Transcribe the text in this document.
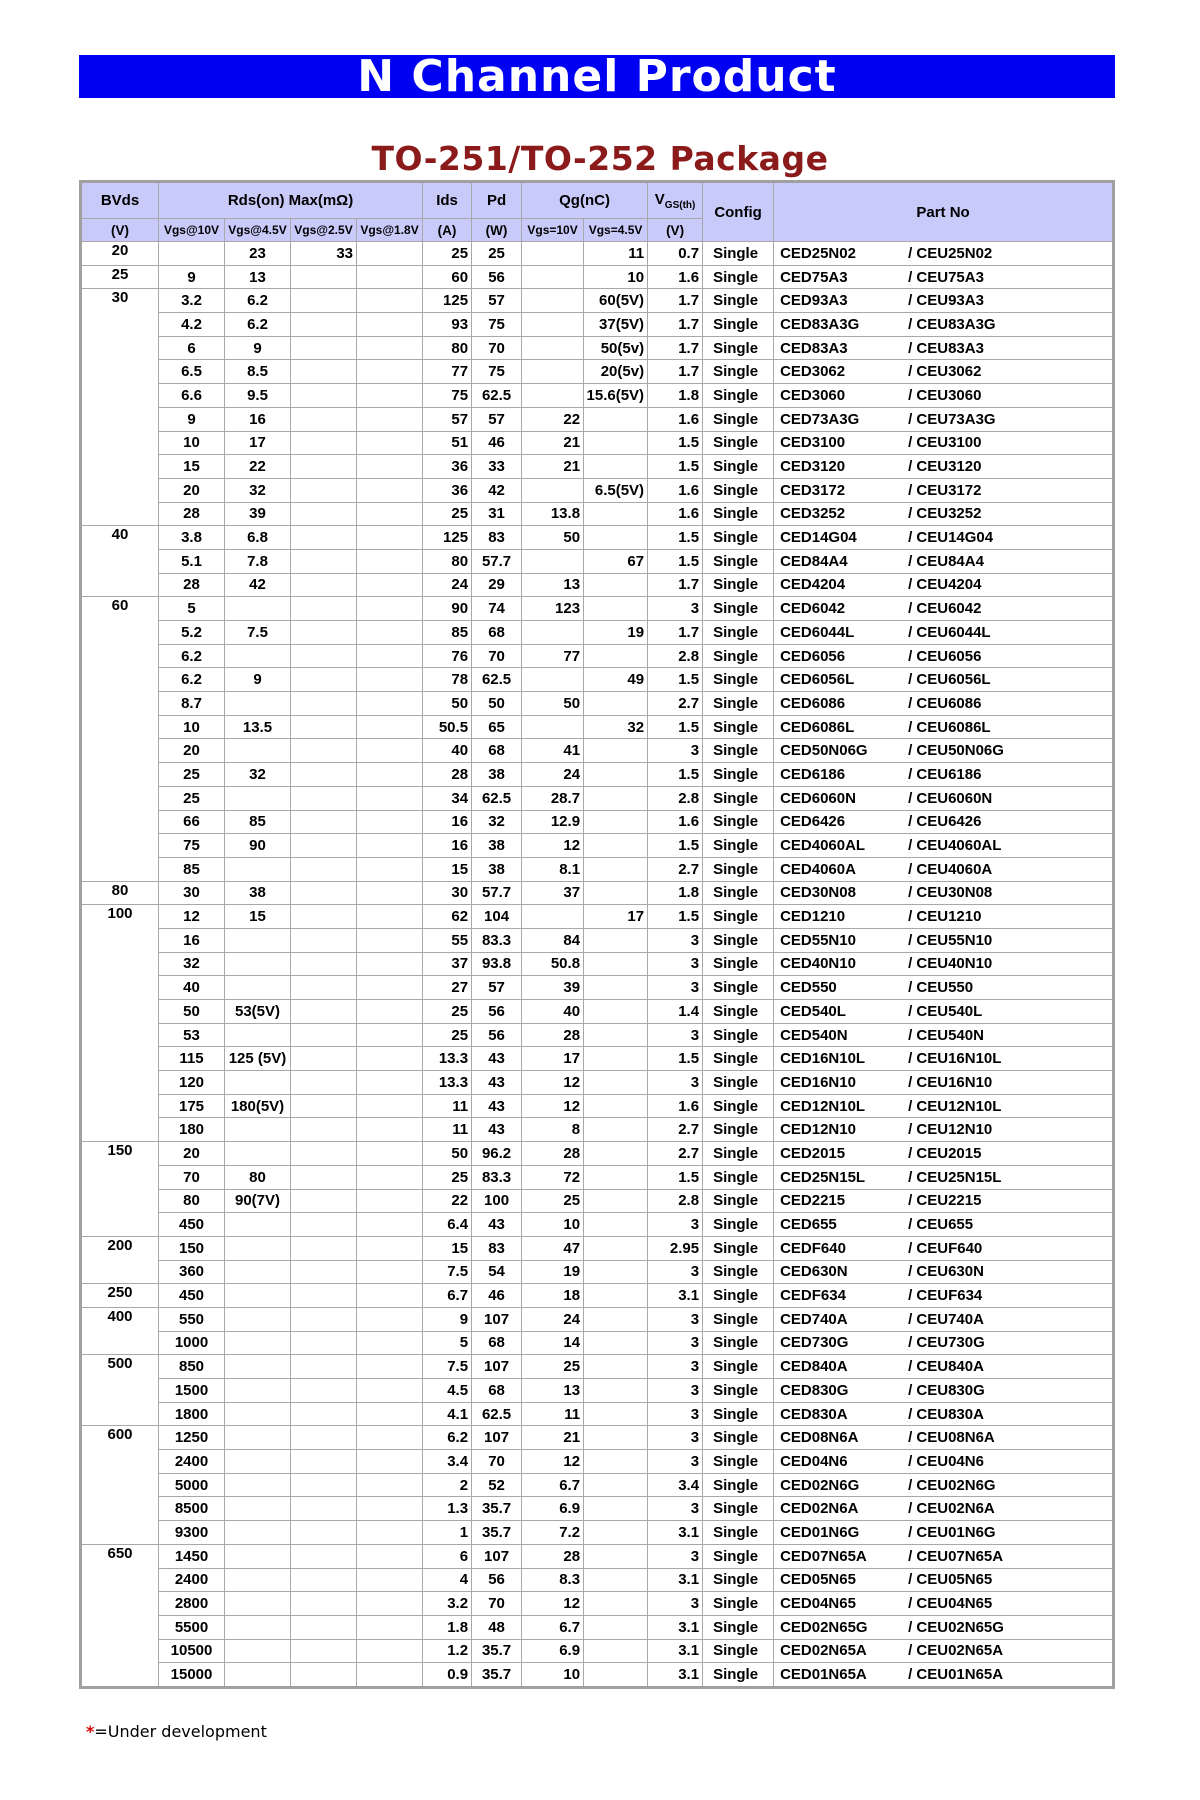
N Channel Product
TO-251/TO-252 Package
BVds	Rds(on) Max(mΩ)				Ids	Pd	Qg(nC)		$V_{GS(th)}$	Config	Part No
(V)	Vgs@10V	Vgs@4.5V	Vgs@2.5V	Vgs@1.8V	(A)	(W)	Vgs=10V	Vgs=4.5V	(V)		
20		23	33		25	25		11	0.7	Single	CED25N02 / CEU25N02
25	9	13			60	56		10	1.6	Single	CED75A3 / CEU75A3
30	3.2	6.2			125	57		60(5V)	1.7	Single	CED93A3 / CEU93A3
	4.2	6.2			93	75		37(5V)	1.7	Single	CED83A3G / CEU83A3G
	6	9			80	70		50(5v)	1.7	Single	CED83A3 / CEU83A3
	6.5	8.5			77	75		20(5v)	1.7	Single	CED3062 / CEU3062
	6.6	9.5			75	62.5		15.6(5V)	1.8	Single	CED3060 / CEU3060
	9	16			57	57	22		1.6	Single	CED73A3G / CEU73A3G
	10	17			51	46	21		1.5	Single	CED3100 / CEU3100
	15	22			36	33	21		1.5	Single	CED3120 / CEU3120
	20	32			36	42		6.5(5V)	1.6	Single	CED3172 / CEU3172
	28	39			25	31	13.8		1.6	Single	CED3252 / CEU3252
40	3.8	6.8			125	83	50		1.5	Single	CED14G04 / CEU14G04
	5.1	7.8			80	57.7		67	1.5	Single	CED84A4 / CEU84A4
	28	42			24	29	13		1.7	Single	CED4204 / CEU4204
60	5				90	74	123		3	Single	CED6042 / CEU6042
	5.2	7.5			85	68		19	1.7	Single	CED6044L / CEU6044L
	6.2				76	70	77		2.8	Single	CED6056 / CEU6056
	6.2	9			78	62.5		49	1.5	Single	CED6056L / CEU6056L
	8.7				50	50	50		2.7	Single	CED6086 / CEU6086
	10	13.5			50.5	65		32	1.5	Single	CED6086L / CEU6086L
	20				40	68	41		3	Single	CED50N06G / CEU50N06G
	25	32			28	38	24		1.5	Single	CED6186 / CEU6186
	25				34	62.5	28.7		2.8	Single	CED6060N / CEU6060N
	66	85			16	32	12.9		1.6	Single	CED6426 / CEU6426
	75	90			16	38	12		1.5	Single	CED4060AL / CEU4060AL
	85				15	38	8.1		2.7	Single	CED4060A / CEU4060A
80	30	38			30	57.7	37		1.8	Single	CED30N08 / CEU30N08
100	12	15			62	104		17	1.5	Single	CED1210 / CEU1210
	16				55	83.3	84		3	Single	CED55N10 / CEU55N10
	32				37	93.8	50.8		3	Single	CED40N10 / CEU40N10
	40				27	57	39		3	Single	CED550 / CEU550
	50	53(5V)			25	56	40		1.4	Single	CED540L / CEU540L
	53				25	56	28		3	Single	CED540N / CEU540N
	115	125 (5V)			13.3	43	17		1.5	Single	CED16N10L / CEU16N10L
	120				13.3	43	12		3	Single	CED16N10 / CEU16N10
	175	180(5V)			11	43	12		1.6	Single	CED12N10L / CEU12N10L
	180				11	43	8		2.7	Single	CED12N10 / CEU12N10
150	20				50	96.2	28		2.7	Single	CED2015 / CEU2015
	70	80			25	83.3	72		1.5	Single	CED25N15L / CEU25N15L
	80	90(7V)			22	100	25		2.8	Single	CED2215 / CEU2215
	450				6.4	43	10		3	Single	CED655 / CEU655
200	150				15	83	47		2.95	Single	CEDF640 / CEUF640
	360				7.5	54	19		3	Single	CED630N / CEU630N
250	450				6.7	46	18		3.1	Single	CEDF634 / CEUF634
400	550				9	107	24		3	Single	CED740A / CEU740A
	1000				5	68	14		3	Single	CED730G / CEU730G
500	850				7.5	107	25		3	Single	CED840A / CEU840A
	1500				4.5	68	13		3	Single	CED830G / CEU830G
	1800				4.1	62.5	11		3	Single	CED830A / CEU830A
600	1250				6.2	107	21		3	Single	CED08N6A / CEU08N6A
	2400				3.4	70	12		3	Single	CED04N6 / CEU04N6
	5000				2	52	6.7		3.4	Single	CED02N6G / CEU02N6G
	8500				1.3	35.7	6.9		3	Single	CED02N6A / CEU02N6A
	9300				1	35.7	7.2		3.1	Single	CED01N6G / CEU01N6G
650	1450				6	107	28		3	Single	CED07N65A / CEU07N65A
	2400				4	56	8.3		3.1	Single	CED05N65 / CEU05N65
	2800				3.2	70	12		3	Single	CED04N65 / CEU04N65
	5500				1.8	48	6.7		3.1	Single	CED02N65G / CEU02N65G
	10500				1.2	35.7	6.9		3.1	Single	CED02N65A / CEU02N65A
	15000				0.9	35.7	10		3.1	Single	CED01N65A / CEU01N65A
*=Under development
